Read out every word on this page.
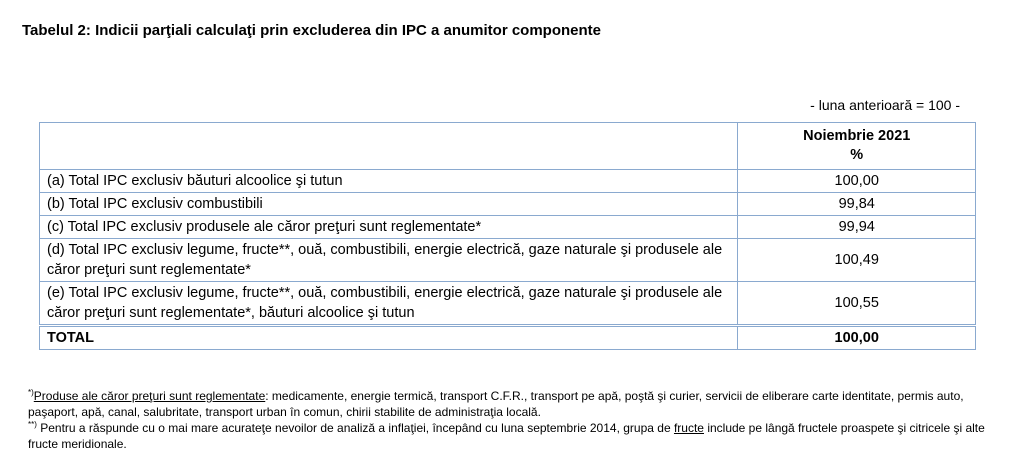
Tabelul 2: Indicii parţiali calculaţi prin excluderea din IPC a anumitor componente
- luna anterioară = 100 -

	Noiembrie 2021
%

(a) Total IPC exclusiv băuturi alcoolice şi tutun	100,00
(b) Total IPC exclusiv combustibili	99,84
(c) Total IPC exclusiv produsele ale căror preţuri sunt reglementate*	99,94
(d) Total IPC exclusiv legume, fructe**, ouă, combustibili, energie electrică, gaze naturale şi produsele ale căror preţuri sunt reglementate*	100,49
(e) Total IPC exclusiv legume, fructe**, ouă, combustibili, energie electrică, gaze naturale şi produsele ale căror preţuri sunt reglementate*, băuturi alcoolice şi tutun	100,55
TOTAL	100,00

*)Produse ale căror preţuri sunt reglementate: medicamente, energie termică, transport C.F.R., transport pe apă, poştă şi curier, servicii de eliberare carte identitate, permis auto, paşaport, apă, canal, salubritate, transport urban în comun, chirii stabilite de administraţia locală.

**) Pentru a răspunde cu o mai mare acurateţe nevoilor de analiză a inflaţiei, începând cu luna septembrie 2014, grupa de fructe include pe lângă fructele proaspete şi citricele şi alte fructe meridionale.
